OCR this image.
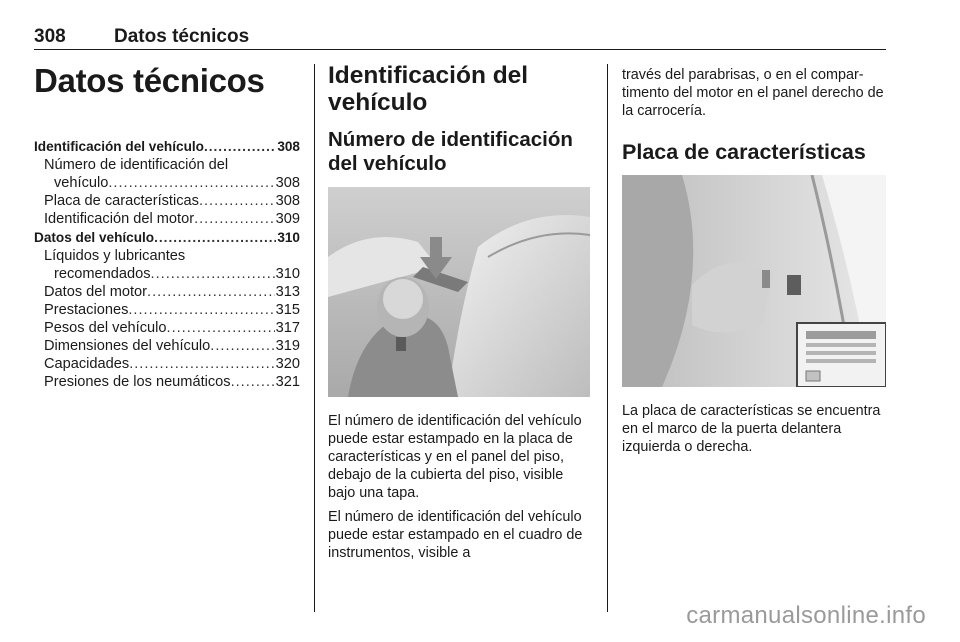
308	Datos técnicos
Datos técnicos
Identificación del vehículo .....	308
Número de identificación del
vehículo .....	308
Placa de características .....	308
Identificación del motor .....	309
Datos del vehículo .....	310
Líquidos y lubricantes
recomendados .....	310
Datos del motor .....	313
Prestaciones .....	315
Pesos del vehículo .....	317
Dimensiones del vehículo .....	319
Capacidades .....	320
Presiones de los neumáticos .....	321
Identificación del vehículo
Número de identificación del vehículo
El número de identificación del vehículo puede estar estampado en la placa de características y en el panel del piso, debajo de la cubierta del piso, visible bajo una tapa.
El número de identificación del vehículo puede estar estampado en el cuadro de instrumentos, visible a
través del parabrisas, o en el compartimento del motor en el panel derecho de la carrocería.
Placa de características
La placa de características se encuentra en el marco de la puerta delantera izquierda o derecha.
carmanualsonline.info
